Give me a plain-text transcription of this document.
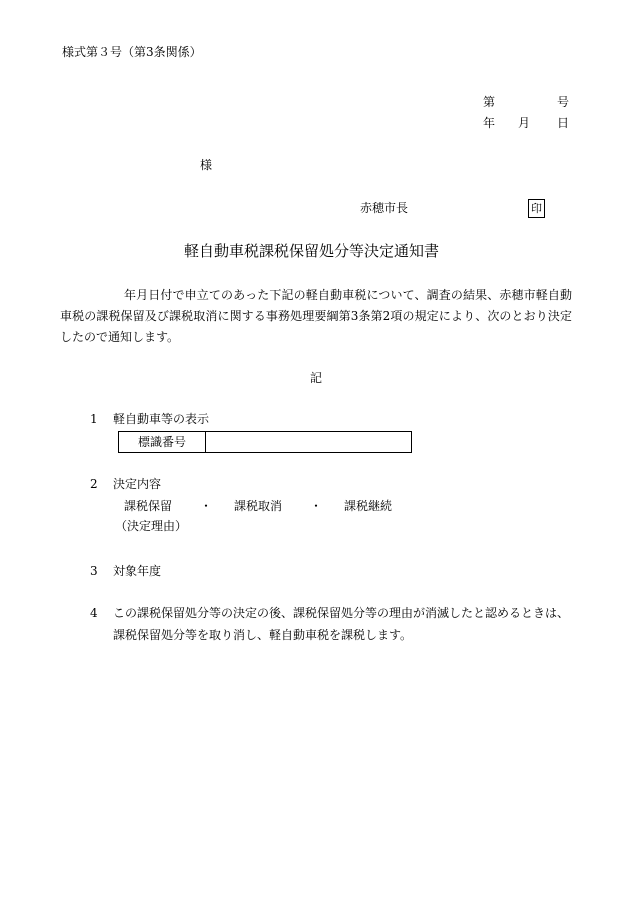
様式第３号（第3条関係）
第	号
年 月 日
様
赤穂市長	印
軽自動車税課税保留処分等決定通知書
年月日付で申立てのあった下記の軽自動車税について、調査の結果、赤穂市軽自動車税の課税保留及び課税取消に関する事務処理要綱第3条第2項の規定により、次のとおり決定したので通知します。
記
1 軽自動車等の表示
標識番号
2 決定内容
課税保留 ・ 課税取消 ・ 課税継続
（決定理由）
3 対象年度
4 この課税保留処分等の決定の後、課税保留処分等の理由が消滅したと認めるときは、
課税保留処分等を取り消し、軽自動車税を課税します。
